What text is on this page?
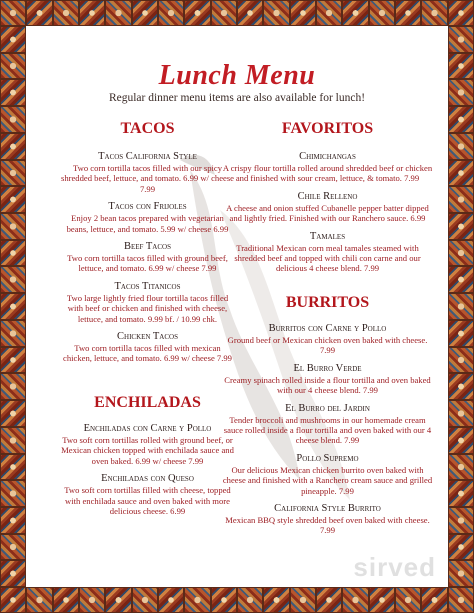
Lunch Menu
Regular dinner menu items are also available for lunch!
TACOS

Tacos California Style

Two corn tortilla tacos filled with our spicy shredded beef, lettuce, and tomato. 6.99 w/ cheese 7.99

Tacos con Frijoles

Enjoy 2 bean tacos prepared with vegetarian beans, lettuce, and tomato. 5.99 w/ cheese 6.99

Beef Tacos

Two corn tortilla tacos filled with ground beef, lettuce, and tomato. 6.99 w/ cheese 7.99

Tacos Titanicos

Two large lightly fried flour tortilla tacos filled with beef or chicken and finished with cheese, lettuce, and tomato. 9.99 bf. / 10.99 chk.

Chicken Tacos

Two corn tortilla tacos filled with mexican chicken, lettuce, and tomato. 6.99 w/ cheese 7.99

ENCHILADAS

Enchiladas con Carne y Pollo

Two soft corn tortillas rolled with ground beef, or Mexican chicken topped with enchilada sauce and oven baked. 6.99 w/ cheese 7.99

Enchiladas con Queso

Two soft corn tortillas filled with cheese, topped with enchilada sauce and oven baked with more delicious cheese. 6.99

FAVORITOS

Chimichangas

A crispy flour tortilla rolled around shredded beef or chicken and finished with sour cream, lettuce, & tomato. 7.99

Chile Relleno

A cheese and onion stuffed Cubanelle pepper batter dipped and lightly fried. Finished with our Ranchero sauce. 6.99

Tamales

Traditional Mexican corn meal tamales steamed with shredded beef and topped with chili con carne and our delicious 4 cheese blend. 7.99

BURRITOS

Burritos con Carne y Pollo

Ground beef or Mexican chicken oven baked with cheese. 7.99

El Burro Verde

Creamy spinach rolled inside a flour tortilla and oven baked with our 4 cheese blend. 7.99

El Burro del Jardin

Tender broccoli and mushrooms in our homemade cream sauce rolled inside a flour tortilla and oven baked with our 4 cheese blend. 7.99

Pollo Supremo

Our delicious Mexican chicken burrito oven baked with cheese and finished with a Ranchero cream sauce and grilled pineapple. 7.99

California Style Burrito

Mexican BBQ style shredded beef oven baked with cheese. 7.99

sirved
